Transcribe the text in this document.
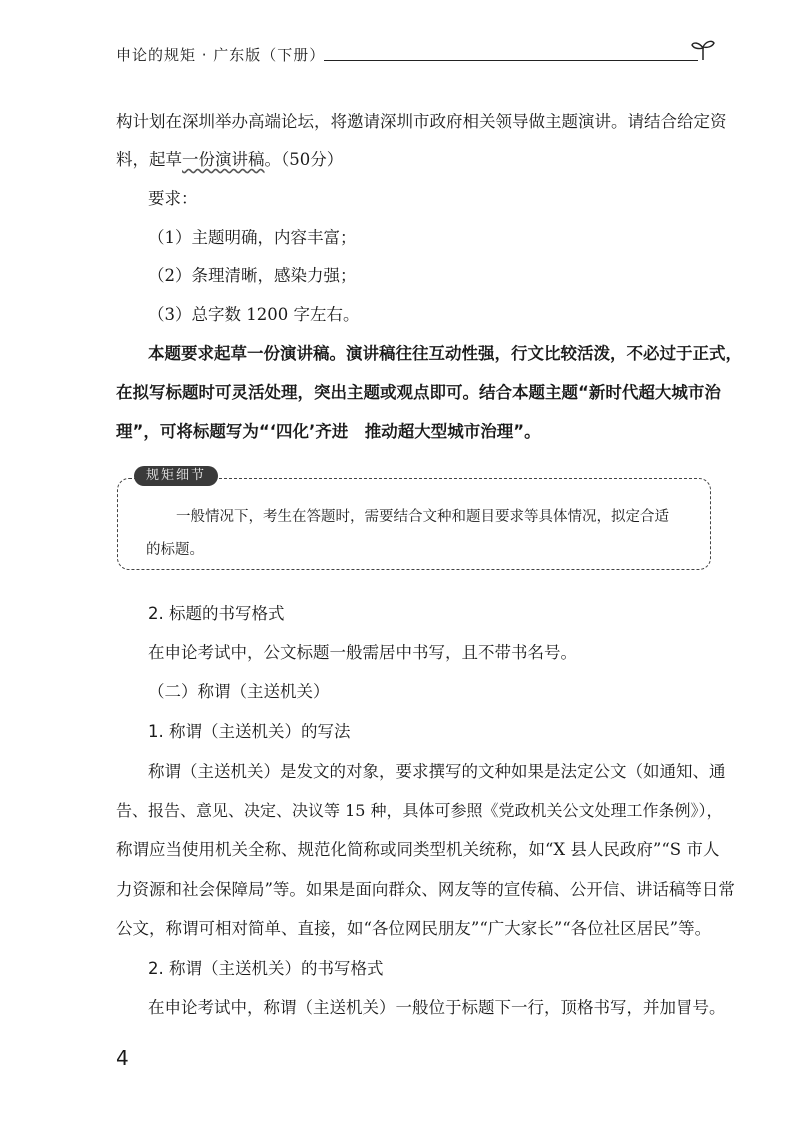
申论的规矩 · 广东版（下册）
构计划在深圳举办高端论坛，将邀请深圳市政府相关领导做主题演讲。请结合给定资
料，起草一份演讲稿。（50分）
要求：
（1）主题明确，内容丰富；
（2）条理清晰，感染力强；
（3）总字数 1200 字左右。
本题要求起草一份演讲稿。演讲稿往往互动性强，行文比较活泼，不必过于正式，
在拟写标题时可灵活处理，突出主题或观点即可。结合本题主题“新时代超大城市治
理”，可将标题写为“‘四化’齐进　推动超大型城市治理”。
规矩细节
一般情况下，考生在答题时，需要结合文种和题目要求等具体情况，拟定合适
的标题。
2. 标题的书写格式
在申论考试中，公文标题一般需居中书写，且不带书名号。
（二）称谓（主送机关）
1. 称谓（主送机关）的写法
称谓（主送机关）是发文的对象，要求撰写的文种如果是法定公文（如通知、通
告、报告、意见、决定、决议等 15 种，具体可参照《党政机关公文处理工作条例》），
称谓应当使用机关全称、规范化简称或同类型机关统称，如“X 县人民政府”“S 市人
力资源和社会保障局”等。如果是面向群众、网友等的宣传稿、公开信、讲话稿等日常
公文，称谓可相对简单、直接，如“各位网民朋友”“广大家长”“各位社区居民”等。
2. 称谓（主送机关）的书写格式
在申论考试中，称谓（主送机关）一般位于标题下一行，顶格书写，并加冒号。
4
